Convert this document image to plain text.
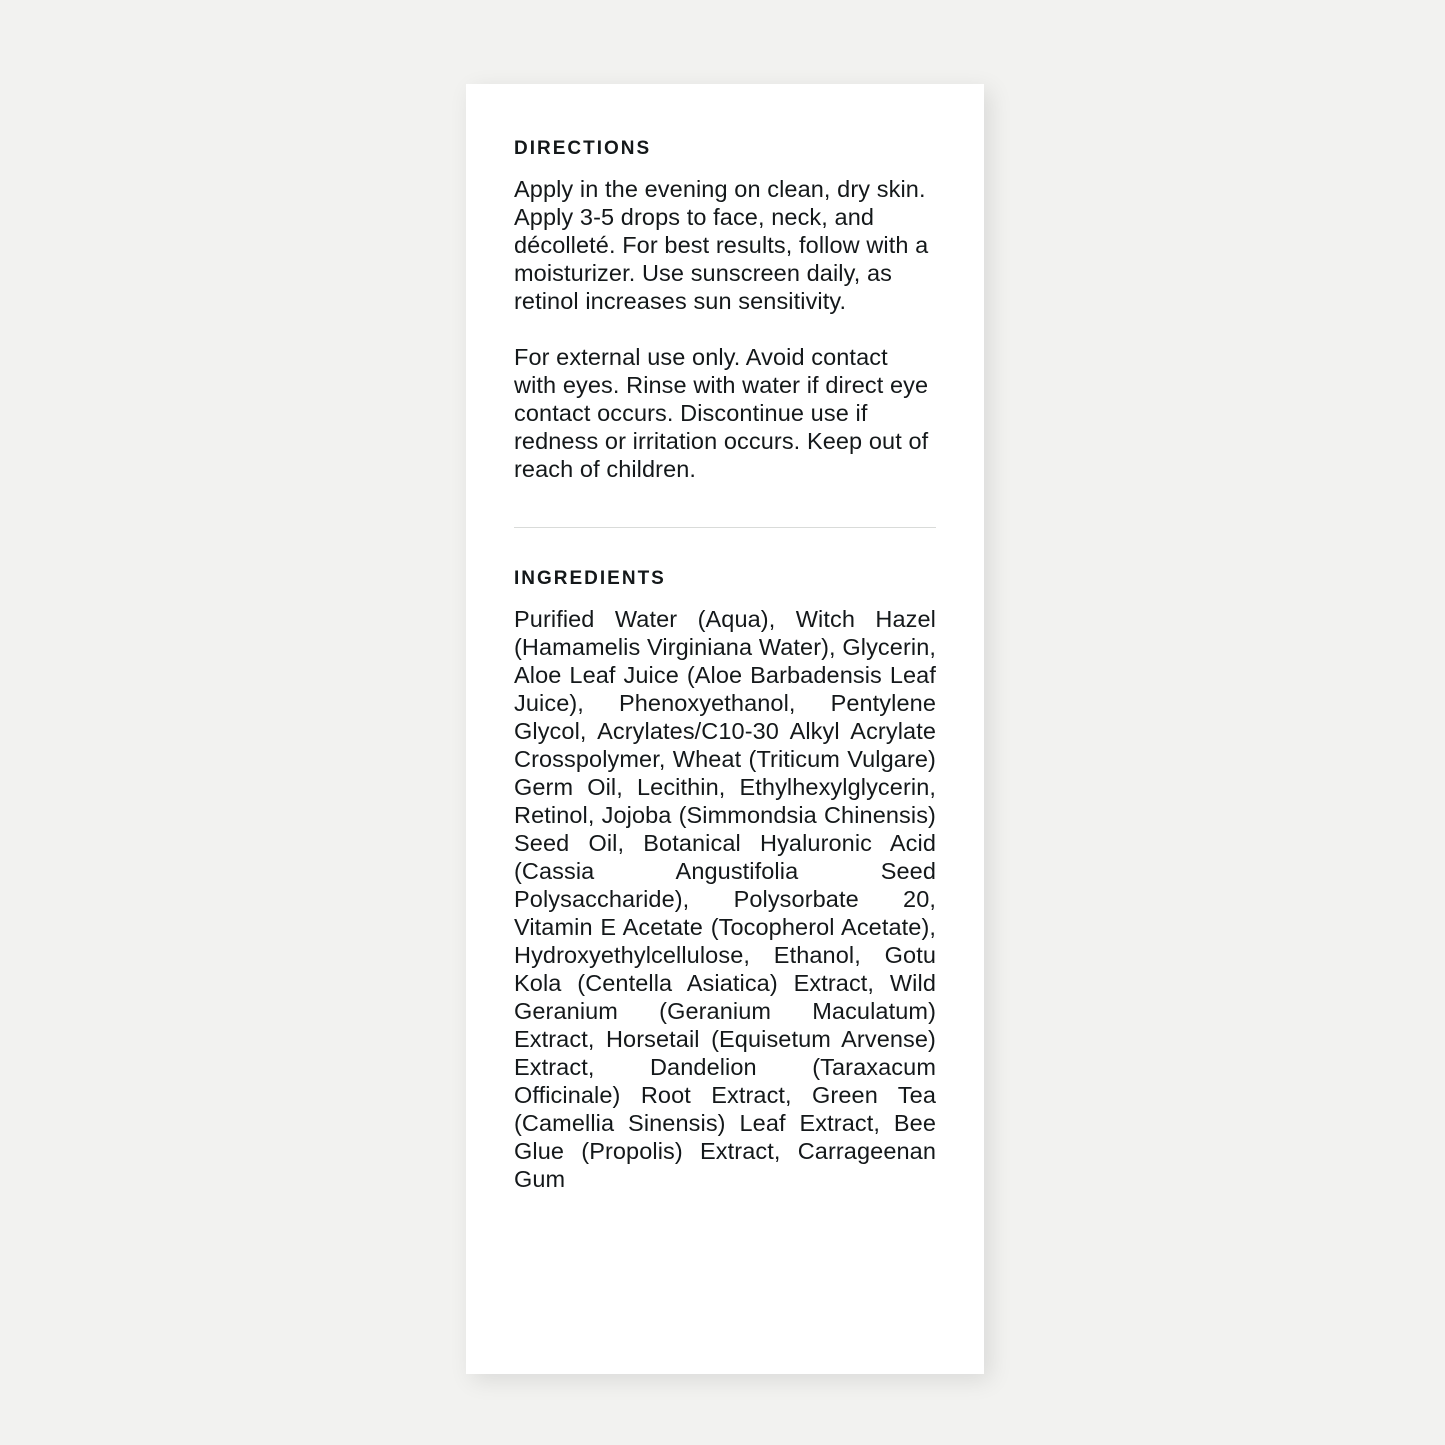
DIRECTIONS

Apply in the evening on clean, dry skin. Apply 3-5 drops to face, neck, and décolleté. For best results, follow with a moisturizer. Use sunscreen daily, as retinol increases sun sensitivity.

For external use only. Avoid contact with eyes. Rinse with water if direct eye contact occurs. Discontinue use if redness or irritation occurs. Keep out of reach of children.

INGREDIENTS

Purified Water (Aqua), Witch Hazel (Hamamelis Virginiana Water), Glycerin, Aloe Leaf Juice (Aloe Barbadensis Leaf Juice), Phenoxyethanol, Pentylene Glycol, Acrylates/C10-30 Alkyl Acrylate Crosspolymer, Wheat (Triticum Vulgare) Germ Oil, Lecithin, Ethylhexylglycerin, Retinol, Jojoba (Simmondsia Chinensis) Seed Oil, Botanical Hyaluronic Acid (Cassia Angustifolia Seed Polysaccharide), Polysorbate 20, Vitamin E Acetate (Tocopherol Acetate), Hydroxyethylcellulose, Ethanol, Gotu Kola (Centella Asiatica) Extract, Wild Geranium (Geranium Maculatum) Extract, Horsetail (Equisetum Arvense) Extract, Dandelion (Taraxacum Officinale) Root Extract, Green Tea (Camellia Sinensis) Leaf Extract, Bee Glue (Propolis) Extract, Carrageenan Gum
